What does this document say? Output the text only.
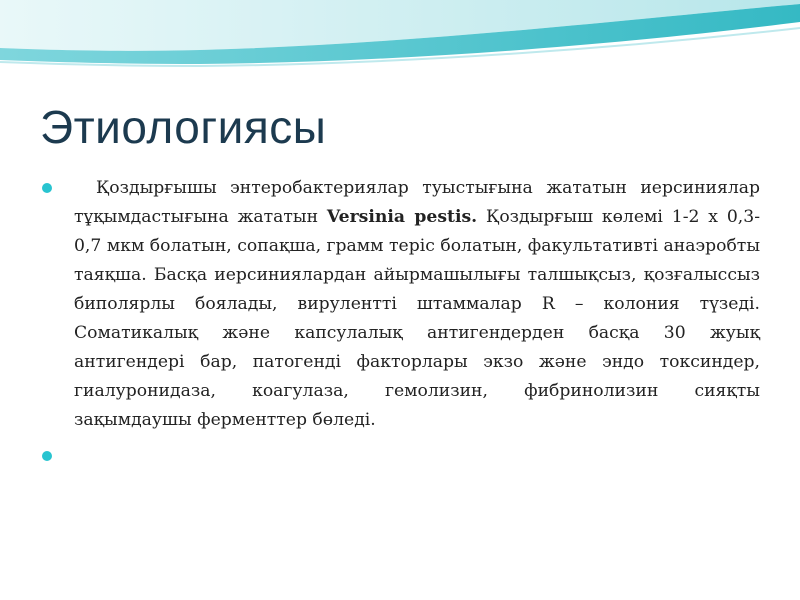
Этиологиясы

Қоздырғышы энтеробактериялар туыстығына жататын иерсиниялар тұқымдастығына жататын Versinia pestis. Қоздырғыш көлемі 1-2 х 0,3-0,7 мкм болатын, сопақша, грамм теріс болатын, факультативті анаэробты таяқша. Басқа иерсиниялардан айырмашылығы талшықсыз, қозғалыссыз биполярлы боялады, вирулентті штаммалар R – колония түзеді. Соматикалық және капсулалық антигендерден басқа 30 жуық антигендері бар, патогенді факторлары экзо және эндо токсиндер, гиалуронидаза, коагулаза, гемолизин, фибринолизин сияқты зақымдаушы ферменттер бөледі.
